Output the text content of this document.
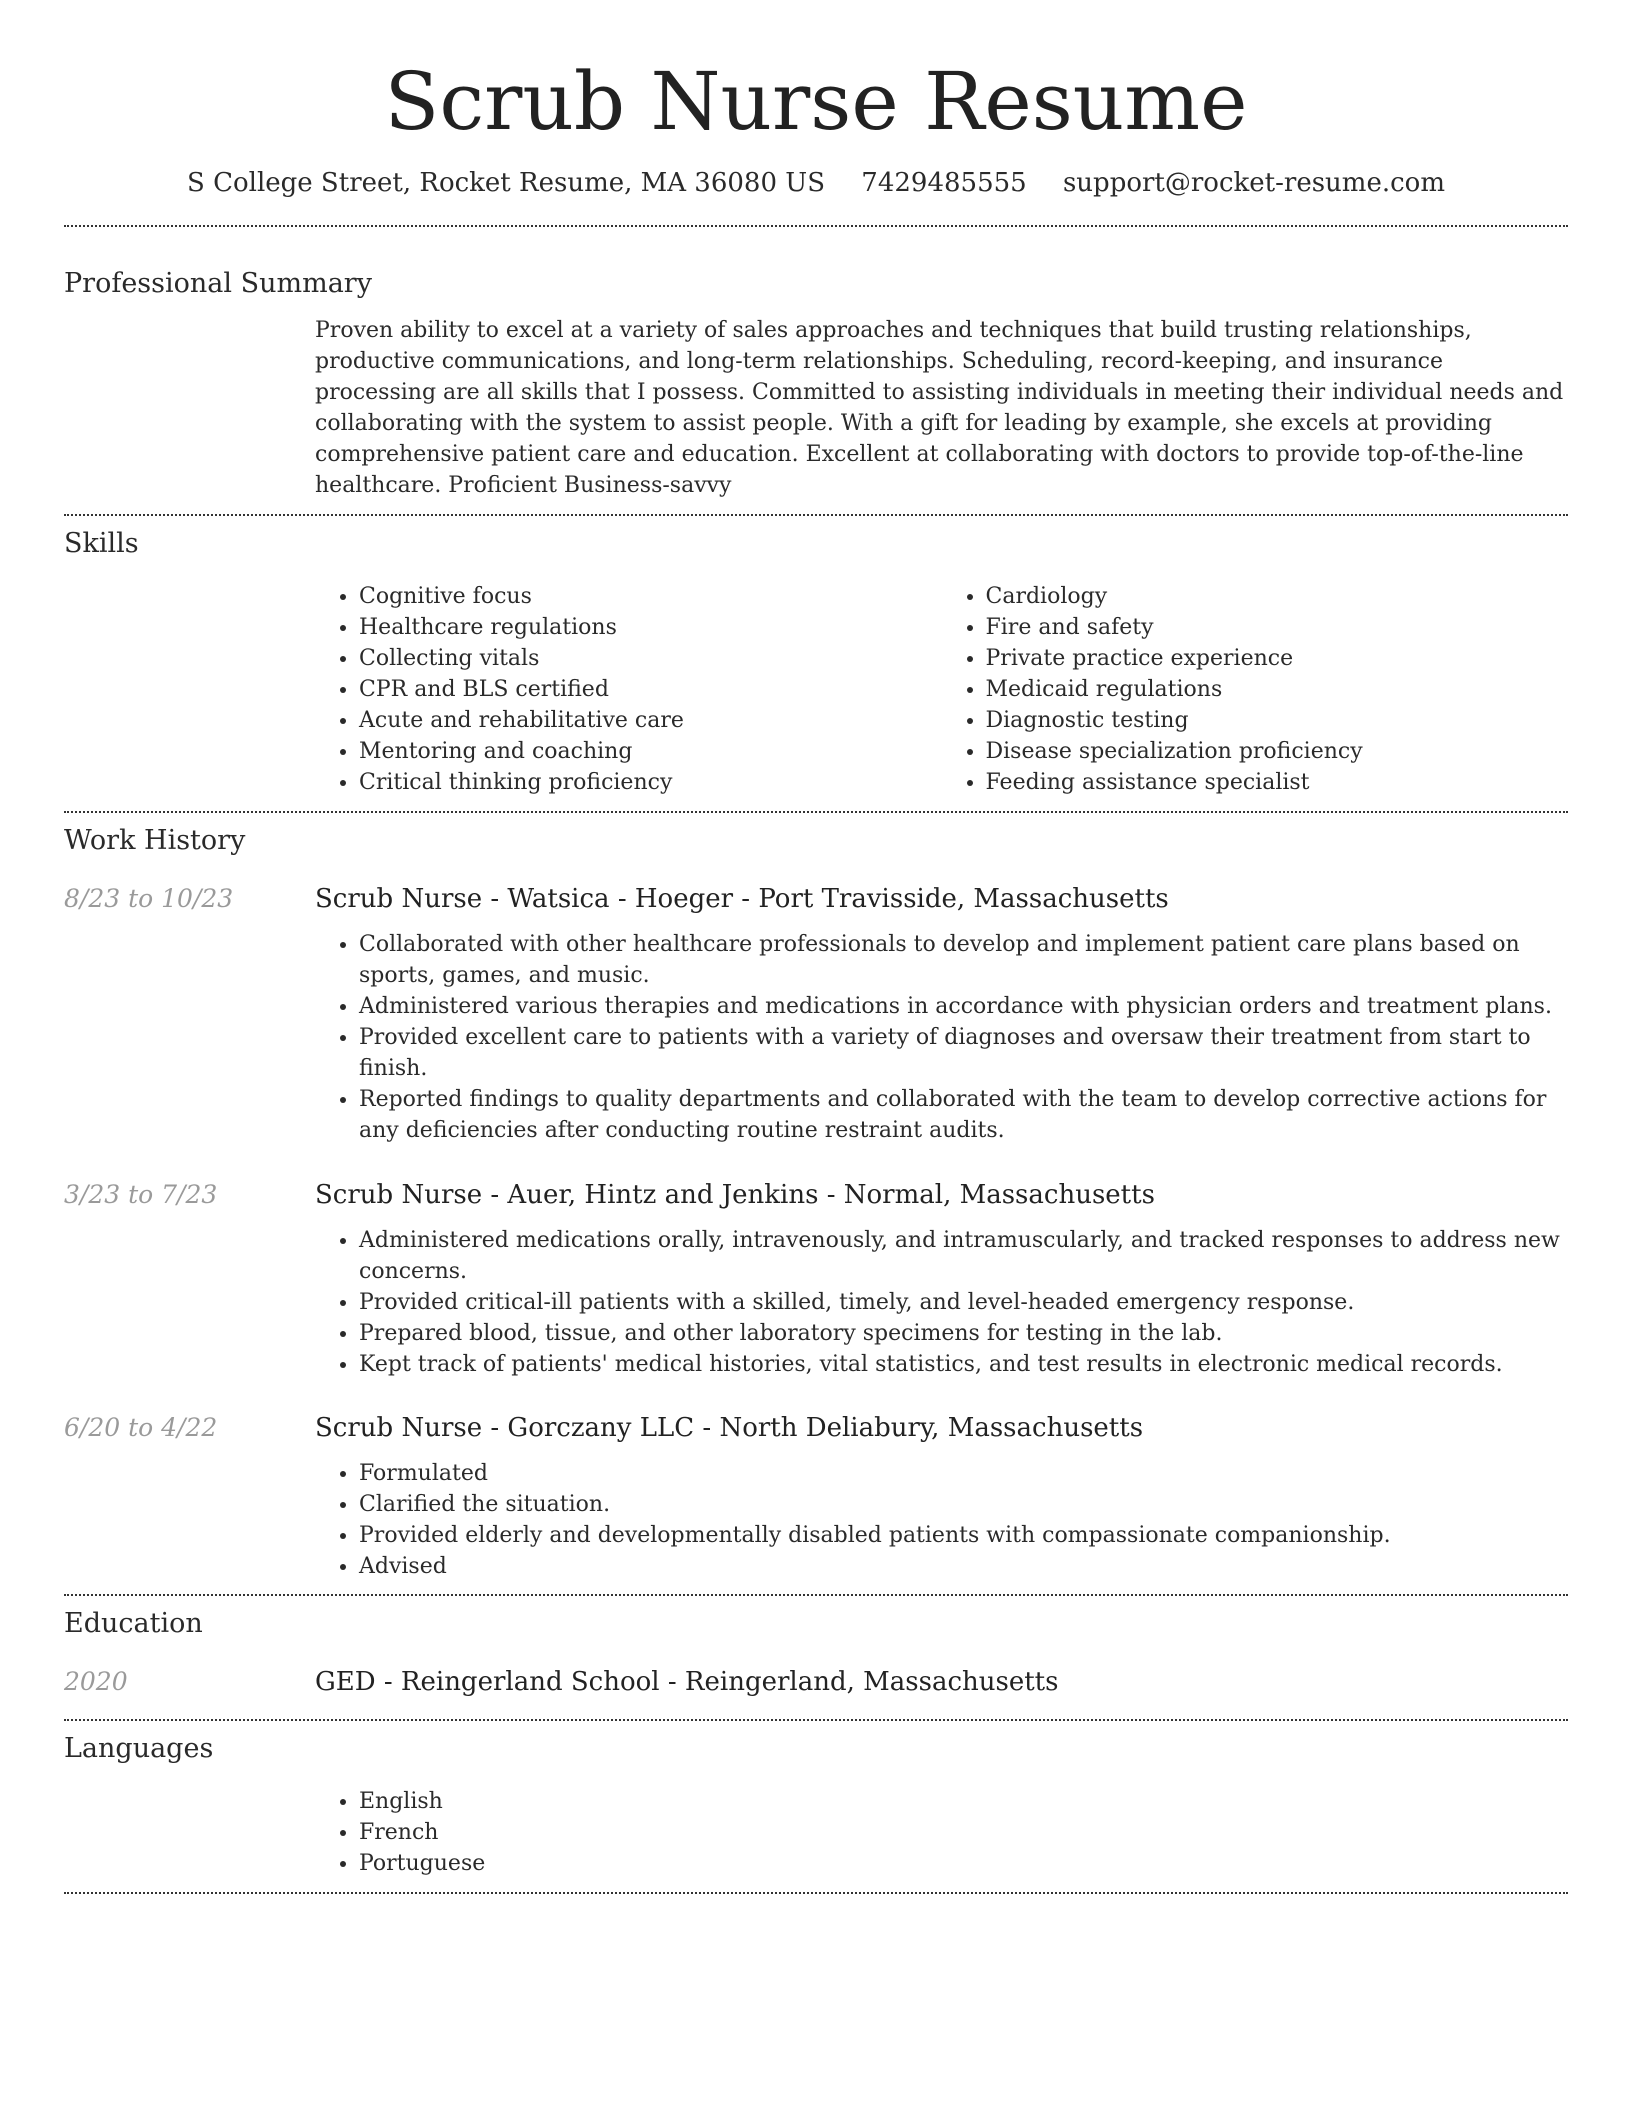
Scrub Nurse Resume
S College Street, Rocket Resume, MA 36080 US 7429485555 support@rocket-resume.com
Professional Summary

Proven ability to excel at a variety of sales approaches and techniques that build trusting relationships, productive communications, and long-term relationships. Scheduling, record-keeping, and insurance processing are all skills that I possess. Committed to assisting individuals in meeting their individual needs and collaborating with the system to assist people. With a gift for leading by example, she excels at providing comprehensive patient care and education. Excellent at collaborating with doctors to provide top-of-the-line healthcare. Proficient Business-savvy

Skills
• Cognitive focus
• Healthcare regulations
• Collecting vitals
• CPR and BLS certified
• Acute and rehabilitative care
• Mentoring and coaching
• Critical thinking proficiency
• Cardiology
• Fire and safety
• Private practice experience
• Medicaid regulations
• Diagnostic testing
• Disease specialization proficiency
• Feeding assistance specialist
Work History
8/23 to 10/23	Scrub Nurse - Watsica - Hoeger - Port Travisside, Massachusetts
• Collaborated with other healthcare professionals to develop and implement patient care plans based on sports, games, and music.
• Administered various therapies and medications in accordance with physician orders and treatment plans.
• Provided excellent care to patients with a variety of diagnoses and oversaw their treatment from start to finish.
• Reported findings to quality departments and collaborated with the team to develop corrective actions for any deficiencies after conducting routine restraint audits.
3/23 to 7/23	Scrub Nurse - Auer, Hintz and Jenkins - Normal, Massachusetts
• Administered medications orally, intravenously, and intramuscularly, and tracked responses to address new concerns.
• Provided critical-ill patients with a skilled, timely, and level-headed emergency response.
• Prepared blood, tissue, and other laboratory specimens for testing in the lab.
• Kept track of patients' medical histories, vital statistics, and test results in electronic medical records.
6/20 to 4/22	Scrub Nurse - Gorczany LLC - North Deliabury, Massachusetts
• Formulated
• Clarified the situation.
• Provided elderly and developmentally disabled patients with compassionate companionship.
• Advised
Education
2020	GED - Reingerland School - Reingerland, Massachusetts
Languages
• English
• French
• Portuguese
